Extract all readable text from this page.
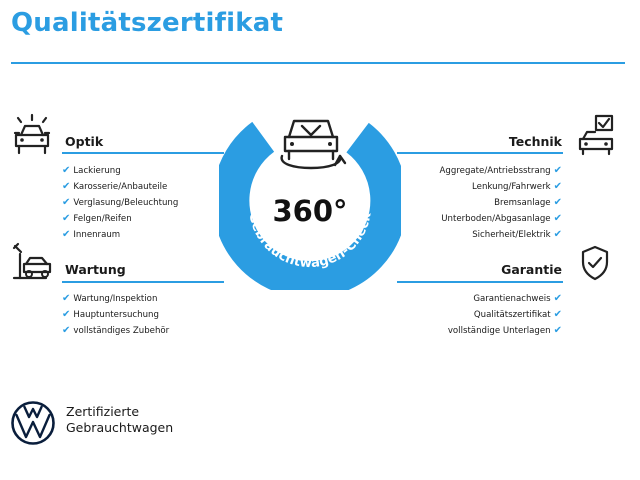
Qualitätszertifikat
Optik
✔ Lackierung
✔ Karosserie/Anbauteile
✔ Verglasung/Beleuchtung
✔ Felgen/Reifen
✔ Innenraum
Wartung
✔ Wartung/Inspektion
✔ Hauptuntersuchung
✔ vollständiges Zubehör
Technik
Aggregate/Antriebsstrang ✔
Lenkung/Fahrwerk ✔
Bremsanlage ✔
Unterboden/Abgasanlage ✔
Sicherheit/Elektrik ✔
Garantie
Garantienachweis ✔
Qualitätszertifikat ✔
vollständige Unterlagen ✔
360°
Gebrauchtwagen-Check
Zertifizierte
Gebrauchtwagen
